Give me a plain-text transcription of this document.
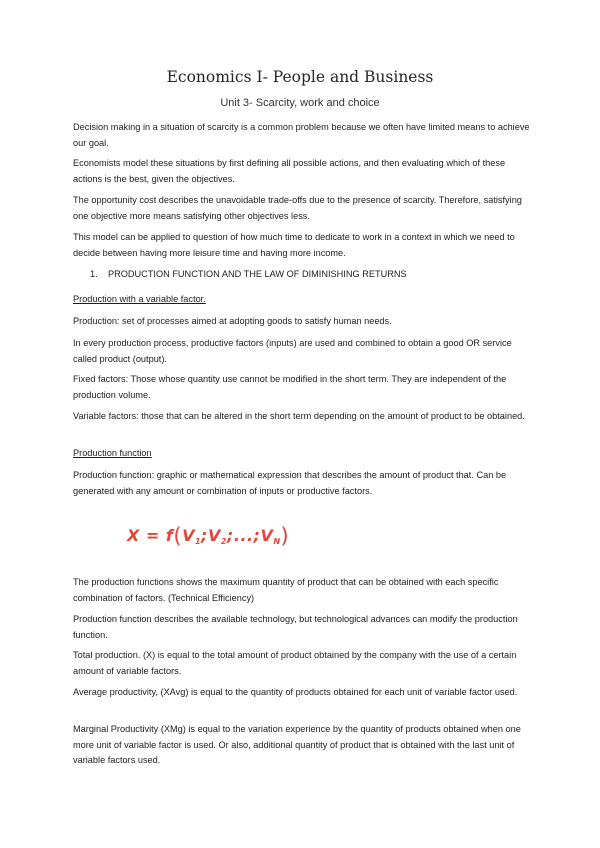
Economics I- People and Business

Unit 3- Scarcity, work and choice

Decision making in a situation of scarcity is a common problem because we often have limited means to achieve our goal.

Economists model these situations by first defining all possible actions, and then evaluating which of these actions is the best, given the objectives.

The opportunity cost describes the unavoidable trade-offs due to the presence of scarcity. Therefore, satisfying one objective more means satisfying other objectives less.

This model can be applied to question of how much time to dedicate to work in a context in which we need to decide between having more leisure time and having more income.

1. PRODUCTION FUNCTION AND THE LAW OF DIMINISHING RETURNS

Production with a variable factor.

Production: set of processes aimed at adopting goods to satisfy human needs.

In every production process, productive factors (inputs) are used and combined to obtain a good OR service called product (output).

Fixed factors: Those whose quantity use cannot be modified in the short term. They are independent of the production volume.

Variable factors: those that can be altered in the short term depending on the amount of product to be obtained.

Production function

Production function: graphic or mathematical expression that describes the amount of product that. Can be generated with any amount or combination of inputs or productive factors.

$X = f(V_1;V_2;...;V_N)$

The production functions shows the maximum quantity of product that can be obtained with each specific combination of factors. (Technical Efficiency)

Production function describes the available technology, but technological advances can modify the production function.

Total production. (X) is equal to the total amount of product obtained by the company with the use of a certain amount of variable factors.

Average productivity, (XAvg) is equal to the quantity of products obtained for each unit of variable factor used.

Marginal Productivity (XMg) is equal to the variation experience by the quantity of products obtained when one more unit of variable factor is used. Or also, additional quantity of product that is obtained with the last unit of variable factors used.
